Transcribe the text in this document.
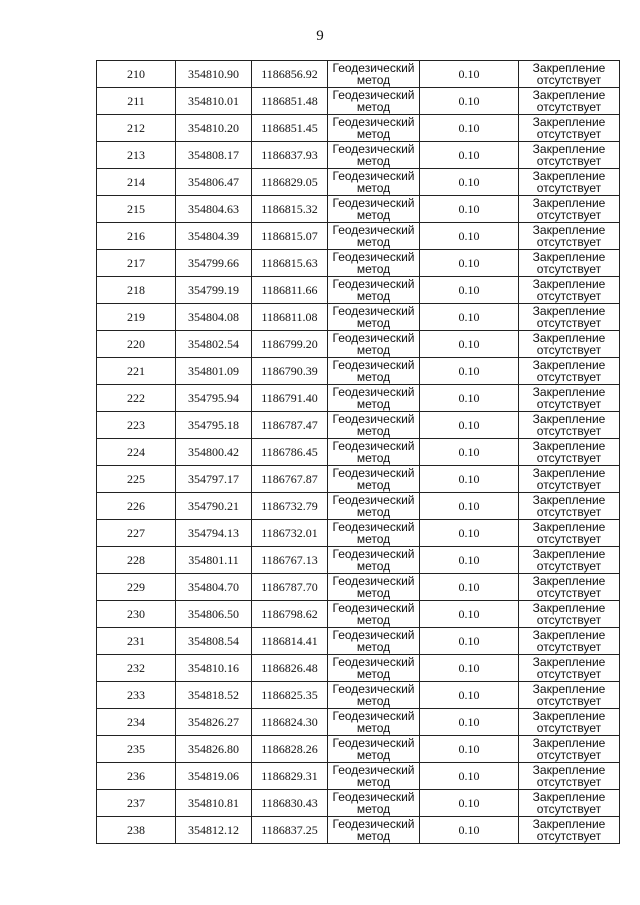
9
210	354810.90	1186856.92	Геодезический
метод	0.10	Закрепление
отсутствует

211	354810.01	1186851.48	Геодезический
метод	0.10	Закрепление
отсутствует

212	354810.20	1186851.45	Геодезический
метод	0.10	Закрепление
отсутствует

213	354808.17	1186837.93	Геодезический
метод	0.10	Закрепление
отсутствует

214	354806.47	1186829.05	Геодезический
метод	0.10	Закрепление
отсутствует

215	354804.63	1186815.32	Геодезический
метод	0.10	Закрепление
отсутствует

216	354804.39	1186815.07	Геодезический
метод	0.10	Закрепление
отсутствует

217	354799.66	1186815.63	Геодезический
метод	0.10	Закрепление
отсутствует

218	354799.19	1186811.66	Геодезический
метод	0.10	Закрепление
отсутствует

219	354804.08	1186811.08	Геодезический
метод	0.10	Закрепление
отсутствует

220	354802.54	1186799.20	Геодезический
метод	0.10	Закрепление
отсутствует

221	354801.09	1186790.39	Геодезический
метод	0.10	Закрепление
отсутствует

222	354795.94	1186791.40	Геодезический
метод	0.10	Закрепление
отсутствует

223	354795.18	1186787.47	Геодезический
метод	0.10	Закрепление
отсутствует

224	354800.42	1186786.45	Геодезический
метод	0.10	Закрепление
отсутствует

225	354797.17	1186767.87	Геодезический
метод	0.10	Закрепление
отсутствует

226	354790.21	1186732.79	Геодезический
метод	0.10	Закрепление
отсутствует

227	354794.13	1186732.01	Геодезический
метод	0.10	Закрепление
отсутствует

228	354801.11	1186767.13	Геодезический
метод	0.10	Закрепление
отсутствует

229	354804.70	1186787.70	Геодезический
метод	0.10	Закрепление
отсутствует

230	354806.50	1186798.62	Геодезический
метод	0.10	Закрепление
отсутствует

231	354808.54	1186814.41	Геодезический
метод	0.10	Закрепление
отсутствует

232	354810.16	1186826.48	Геодезический
метод	0.10	Закрепление
отсутствует

233	354818.52	1186825.35	Геодезический
метод	0.10	Закрепление
отсутствует

234	354826.27	1186824.30	Геодезический
метод	0.10	Закрепление
отсутствует

235	354826.80	1186828.26	Геодезический
метод	0.10	Закрепление
отсутствует

236	354819.06	1186829.31	Геодезический
метод	0.10	Закрепление
отсутствует

237	354810.81	1186830.43	Геодезический
метод	0.10	Закрепление
отсутствует

238	354812.12	1186837.25	Геодезический
метод	0.10	Закрепление
отсутствует
